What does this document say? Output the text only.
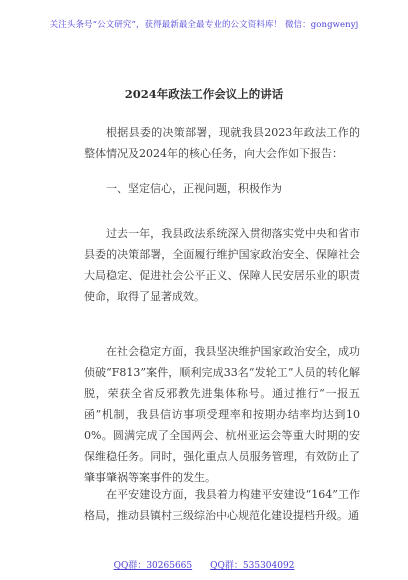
关注头条号“公文研究”，获得最新最全最专业的公文资料库！ 微信：gongwenyj
2024年政法工作会议上的讲话
根据县委的决策部署，现就我县2023年政法工作的整体情况及2024年的核心任务，向大会作如下报告：
一、坚定信心，正视问题，积极作为
过去一年，我县政法系统深入贯彻落实党中央和省市县委的决策部署，全面履行维护国家政治安全、保障社会大局稳定、促进社会公平正义、保障人民安居乐业的职责使命，取得了显著成效。
在社会稳定方面，我县坚决维护国家政治安全，成功侦破“F813”案件，顺利完成33名“发轮工”人员的转化解脱，荣获全省反邪教先进集体称号。通过推行“一报五函”机制，我县信访事项受理率和按期办结率均达到100%。圆满完成了全国两会、杭州亚运会等重大时期的安保维稳任务。同时，强化重点人员服务管理，有效防止了肇事肇祸等案事件的发生。
在平安建设方面，我县着力构建平安建设“164”工作格局，推动县镇村三级综治中心规范化建设提档升级。通
QQ群：30265665 QQ群：535304092
